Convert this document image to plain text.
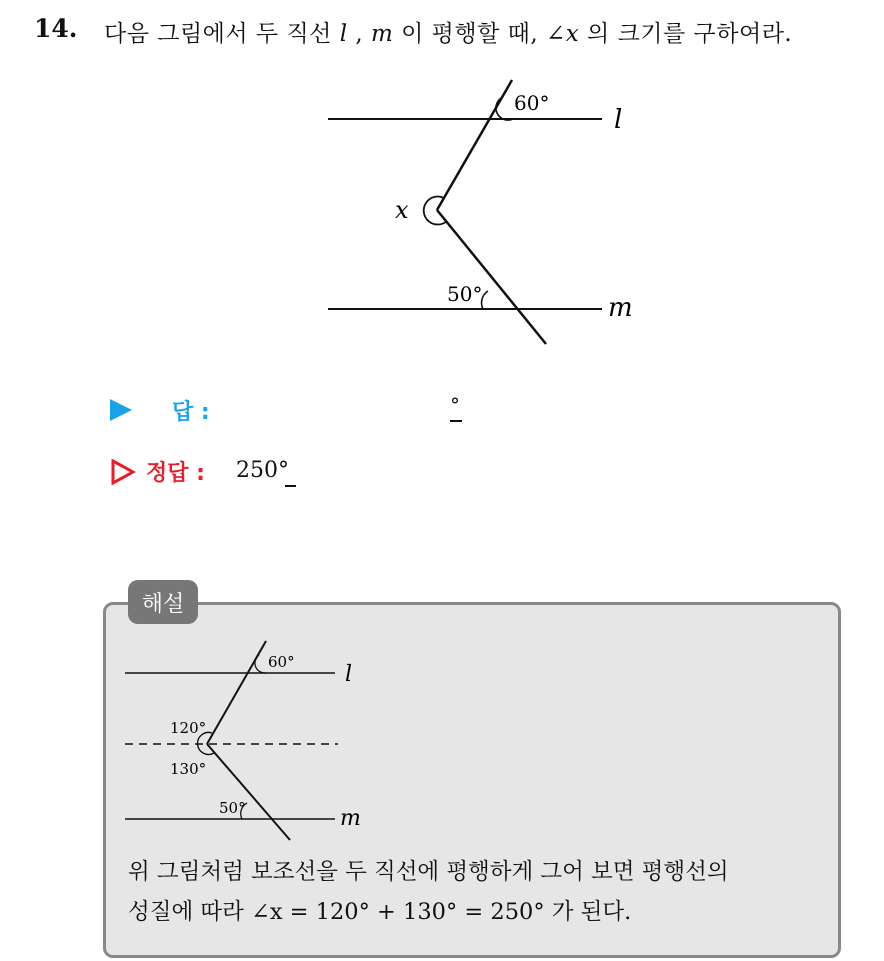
14. 다음 그림에서 두 직선 l , m 이 평행할 때, ∠x 의 크기를 구하여라.
60°
50°
x
l
m
답 :	°
정답 : 250°
해설
60°
120°
130°
50°
l
m
위 그림처럼 보조선을 두 직선에 평행하게 그어 보면 평행선의
성질에 따라 ∠x = 120° + 130° = 250° 가 된다.
